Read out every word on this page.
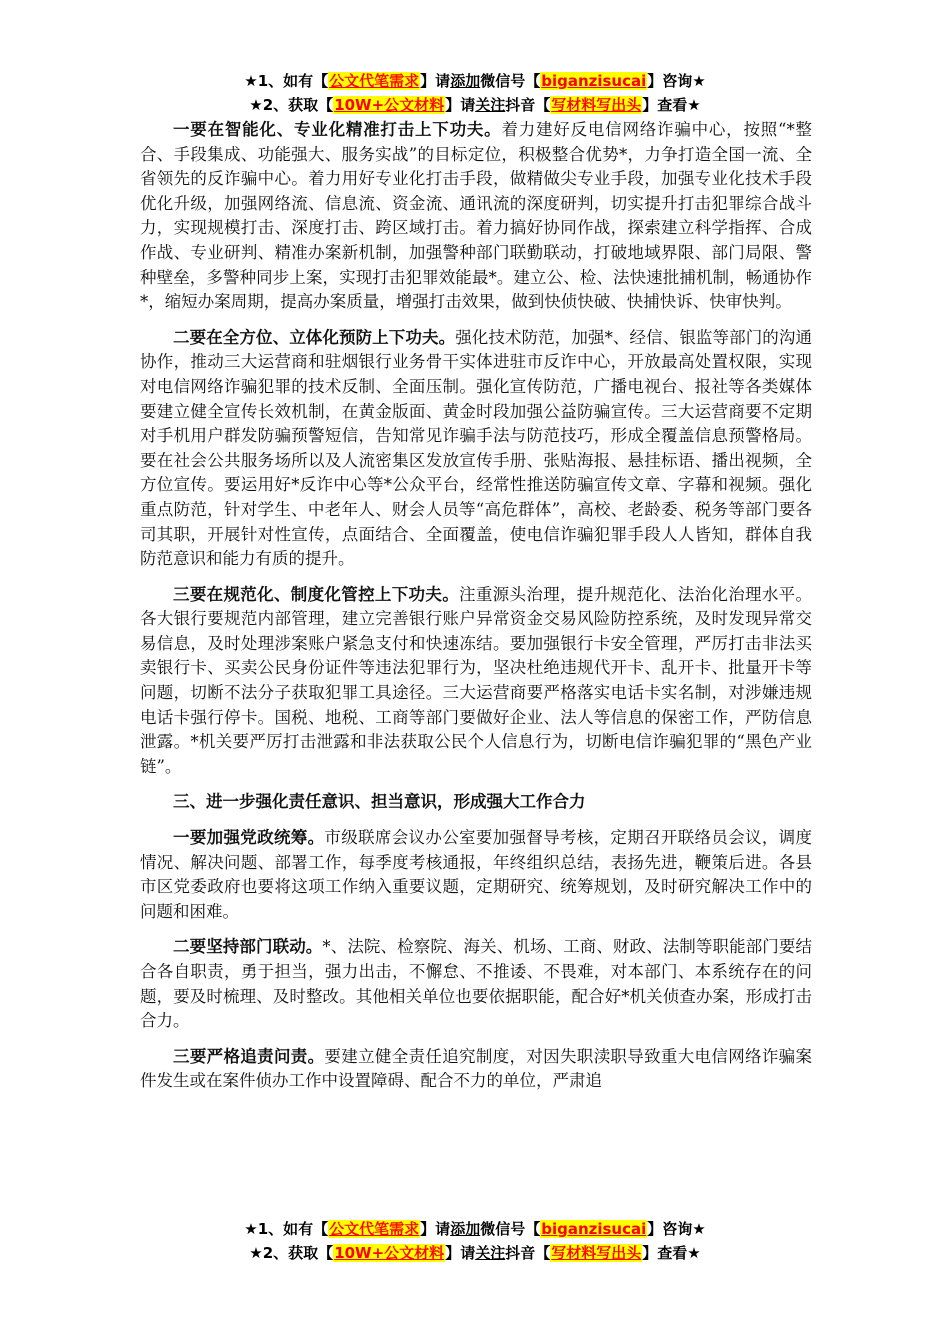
★1、如有【公文代笔需求】请添加微信号【biganzisucai】咨询★
★2、获取【10W+公文材料】请关注抖音【写材料写出头】查看★

一要在智能化、专业化精准打击上下功夫。着力建好反电信网络诈骗中心，按照“*整合、手段集成、功能强大、服务实战”的目标定位，积极整合优势*，力争打造全国一流、全省领先的反诈骗中心。着力用好专业化打击手段，做精做尖专业手段，加强专业化技术手段优化升级，加强网络流、信息流、资金流、通讯流的深度研判，切实提升打击犯罪综合战斗力，实现规模打击、深度打击、跨区域打击。着力搞好协同作战，探索建立科学指挥、合成作战、专业研判、精准办案新机制，加强警种部门联勤联动，打破地域界限、部门局限、警种壁垒，多警种同步上案，实现打击犯罪效能最*。建立公、检、法快速批捕机制，畅通协作*，缩短办案周期，提高办案质量，增强打击效果，做到快侦快破、快捕快诉、快审快判。

二要在全方位、立体化预防上下功夫。强化技术防范，加强*、经信、银监等部门的沟通协作，推动三大运营商和驻烟银行业务骨干实体进驻市反诈中心，开放最高处置权限，实现对电信网络诈骗犯罪的技术反制、全面压制。强化宣传防范，广播电视台、报社等各类媒体要建立健全宣传长效机制，在黄金版面、黄金时段加强公益防骗宣传。三大运营商要不定期对手机用户群发防骗预警短信，告知常见诈骗手法与防范技巧，形成全覆盖信息预警格局。要在社会公共服务场所以及人流密集区发放宣传手册、张贴海报、悬挂标语、播出视频，全方位宣传。要运用好*反诈中心等*公众平台，经常性推送防骗宣传文章、字幕和视频。强化重点防范，针对学生、中老年人、财会人员等“高危群体”，高校、老龄委、税务等部门要各司其职，开展针对性宣传，点面结合、全面覆盖，使电信诈骗犯罪手段人人皆知，群体自我防范意识和能力有质的提升。

三要在规范化、制度化管控上下功夫。注重源头治理，提升规范化、法治化治理水平。各大银行要规范内部管理，建立完善银行账户异常资金交易风险防控系统，及时发现异常交易信息，及时处理涉案账户紧急支付和快速冻结。要加强银行卡安全管理，严厉打击非法买卖银行卡、买卖公民身份证件等违法犯罪行为，坚决杜绝违规代开卡、乱开卡、批量开卡等问题，切断不法分子获取犯罪工具途径。三大运营商要严格落实电话卡实名制，对涉嫌违规电话卡强行停卡。国税、地税、工商等部门要做好企业、法人等信息的保密工作，严防信息泄露。*机关要严厉打击泄露和非法获取公民个人信息行为，切断电信诈骗犯罪的“黑色产业链”。

三、进一步强化责任意识、担当意识，形成强大工作合力

一要加强党政统筹。市级联席会议办公室要加强督导考核，定期召开联络员会议，调度情况、解决问题、部署工作，每季度考核通报，年终组织总结，表扬先进，鞭策后进。各县市区党委政府也要将这项工作纳入重要议题，定期研究、统筹规划，及时研究解决工作中的问题和困难。

二要坚持部门联动。*、法院、检察院、海关、机场、工商、财政、法制等职能部门要结合各自职责，勇于担当，强力出击，不懈怠、不推诿、不畏难，对本部门、本系统存在的问题，要及时梳理、及时整改。其他相关单位也要依据职能，配合好*机关侦查办案，形成打击合力。

三要严格追责问责。要建立健全责任追究制度，对因失职渎职导致重大电信网络诈骗案件发生或在案件侦办工作中设置障碍、配合不力的单位，严肃追

★1、如有【公文代笔需求】请添加微信号【biganzisucai】咨询★
★2、获取【10W+公文材料】请关注抖音【写材料写出头】查看★
